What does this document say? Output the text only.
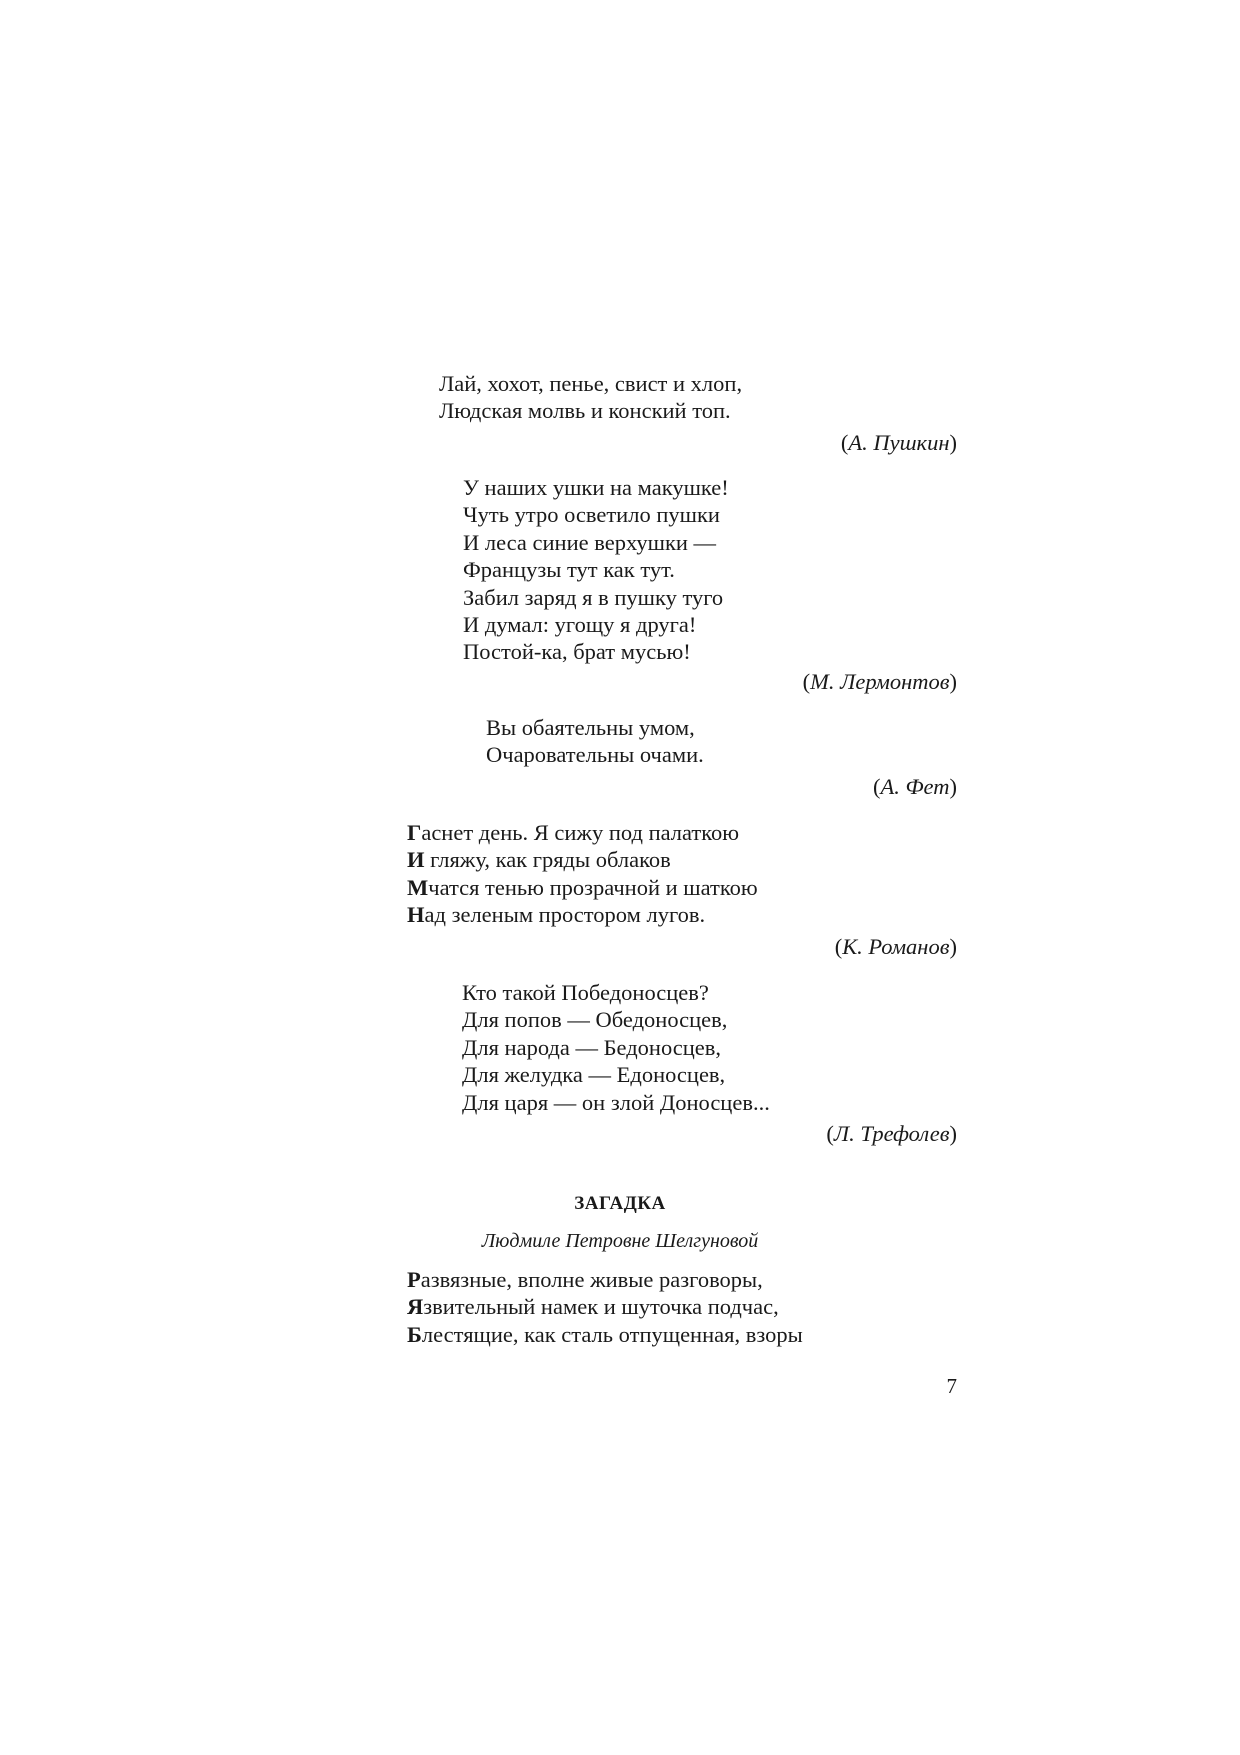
Лай, хохот, пенье, свист и хлоп,
Людская молвь и конский топ.
(А. Пушкин)
У наших ушки на макушке!
Чуть утро осветило пушки
И леса синие верхушки —
Французы тут как тут.
Забил заряд я в пушку туго
И думал: угощу я друга!
Постой-ка, брат мусью!
(М. Лермонтов)
Вы обаятельны умом,
Очаровательны очами.
(А. Фет)
Гаснет день. Я сижу под палаткою
И гляжу, как гряды облаков
Мчатся тенью прозрачной и шаткою
Над зеленым простором лугов.
(К. Романов)
Кто такой Победоносцев?
Для попов — Обедоносцев,
Для народа — Бедоносцев,
Для желудка — Едоносцев,
Для царя — он злой Доносцев...
(Л. Трефолев)
ЗАГАДКА
Людмиле Петровне Шелгуновой
Развязные, вполне живые разговоры,
Язвительный намек и шуточка подчас,
Блестящие, как сталь отпущенная, взоры
7
